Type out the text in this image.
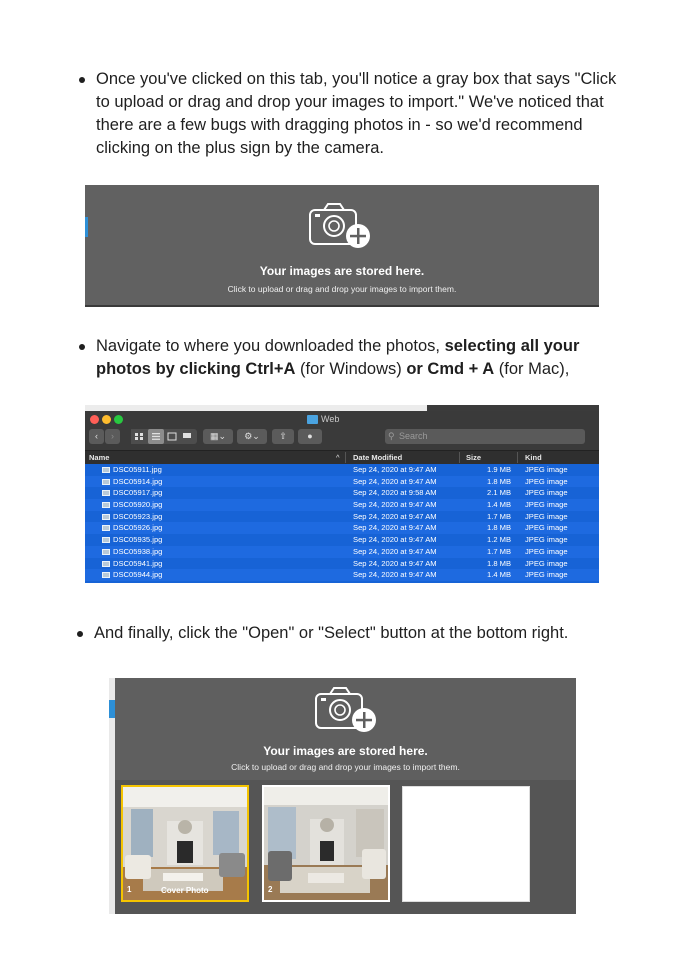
Once you've clicked on this tab, you'll notice a gray box that says "Click to upload or drag and drop your images to import." We've noticed that there are a few bugs with dragging photos in - so we'd recommend clicking on the plus sign by the camera.
Your images are stored here.
Click to upload or drag and drop your images to import them.
Navigate to where you downloaded the photos, selecting all your photos by clicking Ctrl+A (for Windows) or Cmd + A (for Mac),
Web
‹	›	▦⌄	⚙⌄	⇧	●	⚲ Search
Name	^ Date Modified	Size	Kind
DSC05911.jpg	Sep 24, 2020 at 9:47 AM	1.9 MB JPEG image
DSC05914.jpg	Sep 24, 2020 at 9:47 AM	1.8 MB JPEG image
DSC05917.jpg	Sep 24, 2020 at 9:58 AM	2.1 MB JPEG image
DSC05920.jpg	Sep 24, 2020 at 9:47 AM	1.4 MB JPEG image
DSC05923.jpg	Sep 24, 2020 at 9:47 AM	1.7 MB JPEG image
DSC05926.jpg	Sep 24, 2020 at 9:47 AM	1.8 MB JPEG image
DSC05935.jpg	Sep 24, 2020 at 9:47 AM	1.2 MB JPEG image
DSC05938.jpg	Sep 24, 2020 at 9:47 AM	1.7 MB JPEG image
DSC05941.jpg	Sep 24, 2020 at 9:47 AM	1.8 MB JPEG image
DSC05944.jpg	Sep 24, 2020 at 9:47 AM	1.4 MB JPEG image
And finally, click the "Open" or "Select" button at the bottom right.
Your images are stored here.
Click to upload or drag and drop your images to import them.
1	Cover Photo	2
